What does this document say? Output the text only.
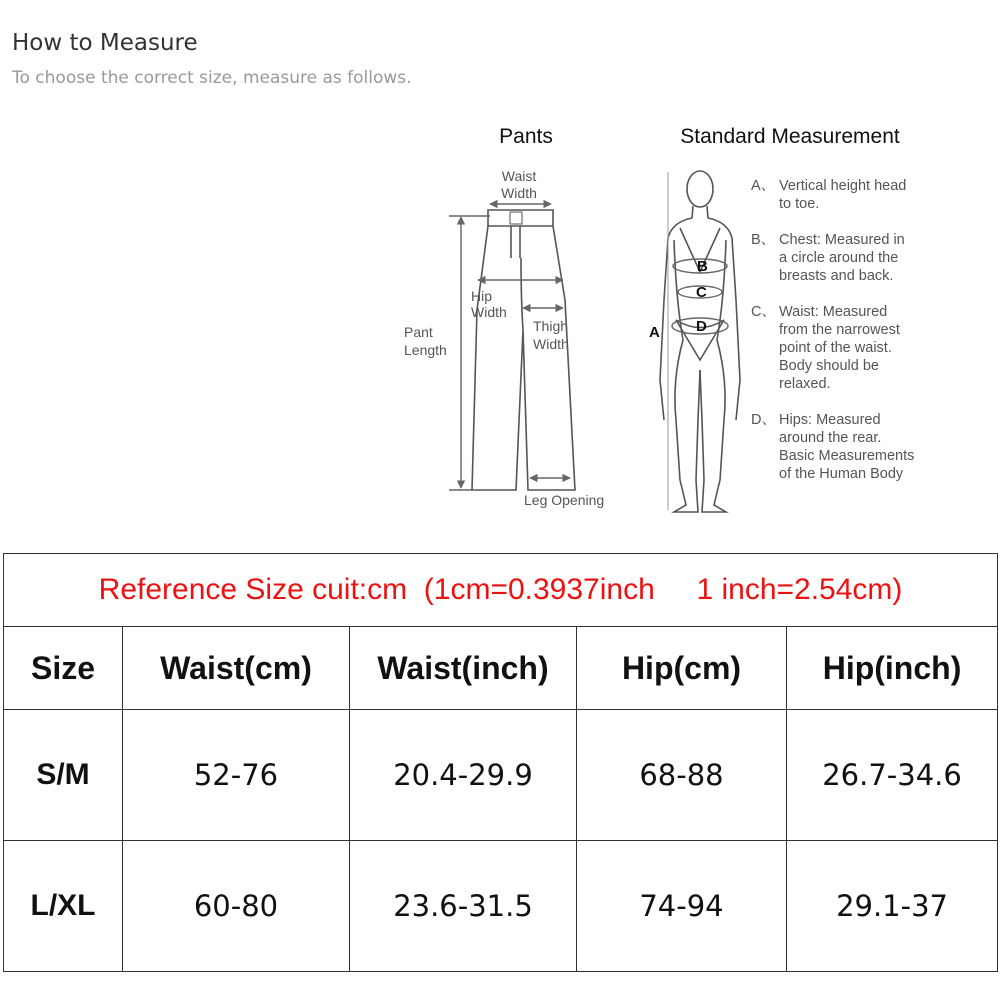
How to Measure
To choose the correct size, measure as follows.
Pants
Waist
Width
Hip
Width
Thigh
Width
Pant
Length
Leg Opening
Standard Measurement
B
C
D
A
A、 Vertical height head
to toe.
B、 Chest: Measured in
a circle around the
breasts and back.
C、 Waist: Measured
from the narrowest
point of the waist.
Body should be
relaxed.
D、 Hips: Measured
around the rear.
Basic Measurements
of the Human Body
Reference Size cuit:cm (1cm=0.3937inch 1 inch=2.54cm)				
Size	Waist(cm)	Waist(inch)	Hip(cm)	Hip(inch)
S/M	52-76	20.4-29.9	68-88	26.7-34.6
L/XL	60-80	23.6-31.5	74-94	29.1-37
